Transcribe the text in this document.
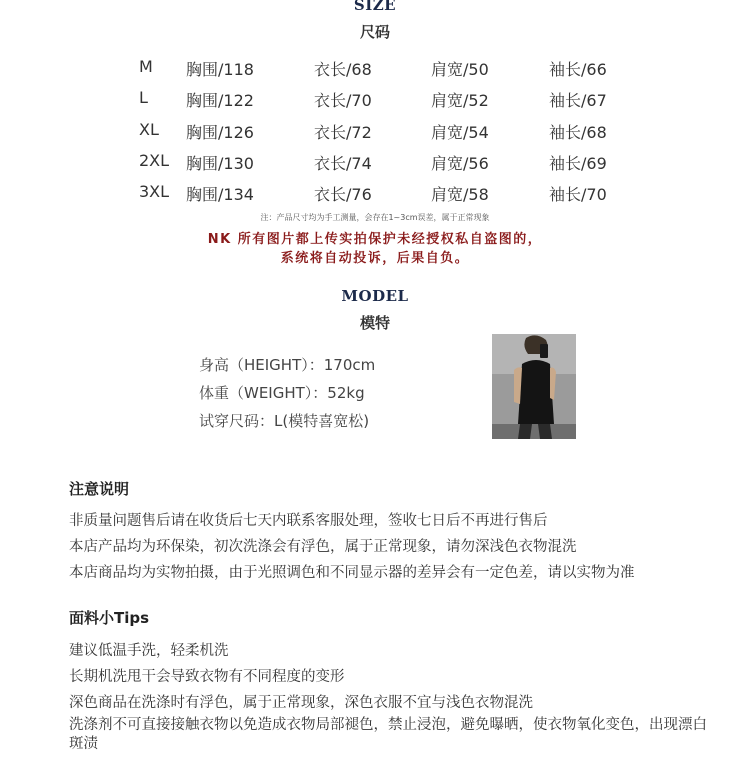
SIZE
尺码
M 胸围/118	衣长/68	肩宽/50	袖长/66
L 胸围/122	衣长/70	肩宽/52	袖长/67
XL 胸围/126	衣长/72	肩宽/54	袖长/68
2XL 胸围/130	衣长/74	肩宽/56	袖长/69
3XL 胸围/134	衣长/76	肩宽/58	袖长/70
注：产品尺寸均为手工测量，会存在1~3cm误差，属于正常现象
NK 所有图片都上传实拍保护未经授权私自盗图的，
系统将自动投诉，后果自负。
MODEL
模特
身高（HEIGHT）：170cm
体重（WEIGHT）：52kg
试穿尺码：L(模特喜宽松)
注意说明
非质量问题售后请在收货后七天内联系客服处理，签收七日后不再进行售后
本店产品均为环保染，初次洗涤会有浮色，属于正常现象，请勿深浅色衣物混洗
本店商品均为实物拍摄，由于光照调色和不同显示器的差异会有一定色差，请以实物为准
面料小Tips
建议低温手洗，轻柔机洗
长期机洗甩干会导致衣物有不同程度的变形
深色商品在洗涤时有浮色，属于正常现象，深色衣服不宜与浅色衣物混洗
洗涤剂不可直接接触衣物以免造成衣物局部褪色，禁止浸泡，避免曝晒，使衣物氧化变色，出现漂白斑渍
